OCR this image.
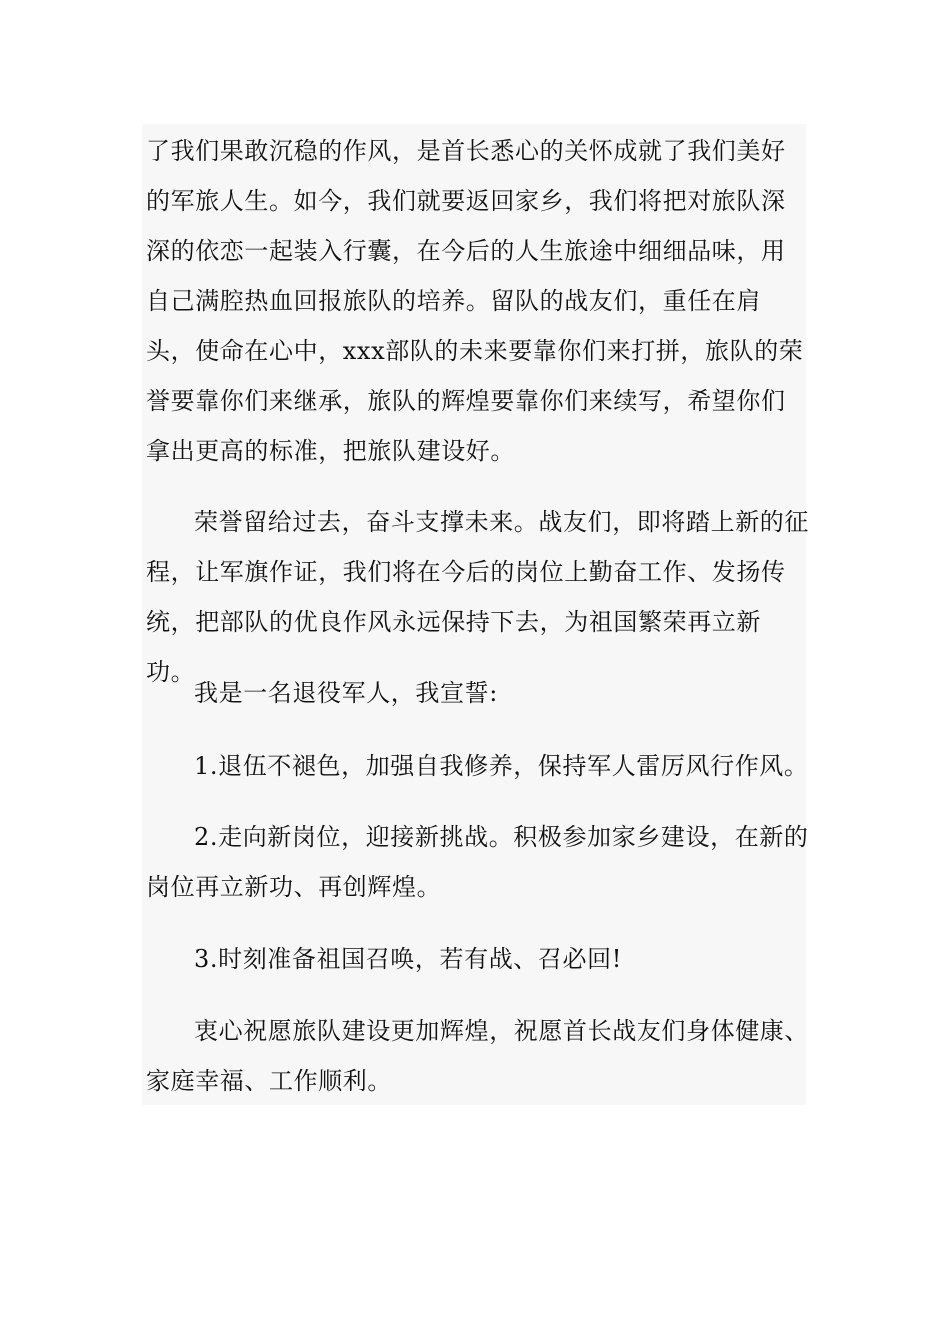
了我们果敢沉稳的作风，是首长悉心的关怀成就了我们美好的军旅人生。如今，我们就要返回家乡，我们将把对旅队深深的依恋一起装入行囊，在今后的人生旅途中细细品味，用自己满腔热血回报旅队的培养。留队的战友们，重任在肩头，使命在心中，xxx部队的未来要靠你们来打拼，旅队的荣誉要靠你们来继承，旅队的辉煌要靠你们来续写，希望你们拿出更高的标准，把旅队建设好。

荣誉留给过去，奋斗支撑未来。战友们，即将踏上新的征程，让军旗作证，我们将在今后的岗位上勤奋工作、发扬传统，把部队的优良作风永远保持下去，为祖国繁荣再立新功。

我是一名退役军人，我宣誓:

1.退伍不褪色，加强自我修养，保持军人雷厉风行作风。

2.走向新岗位，迎接新挑战。积极参加家乡建设，在新的岗位再立新功、再创辉煌。

3.时刻准备祖国召唤，若有战、召必回!

衷心祝愿旅队建设更加辉煌，祝愿首长战友们身体健康、家庭幸福、工作顺利。
